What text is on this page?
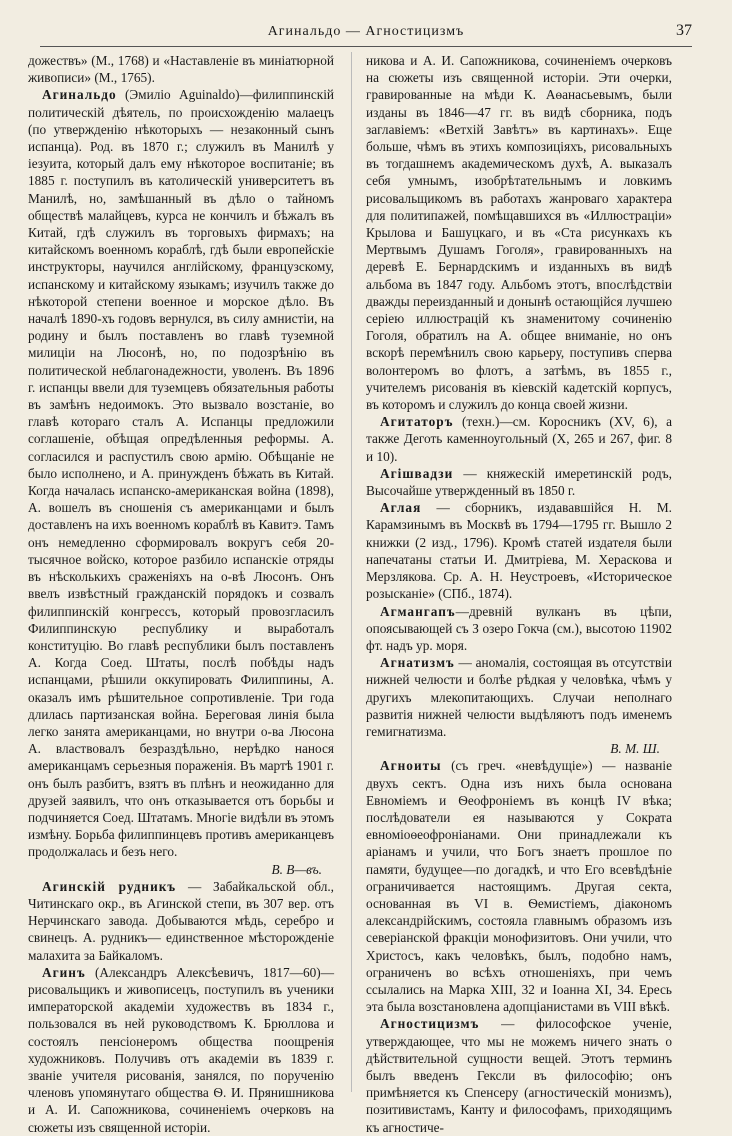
Агинальдо — Агностицизмъ	37

дожествъ» (М., 1768) и «Наставленіе въ миніатюрной живописи» (М., 1765).

Агинальдо (Эмиліо Aguinaldo)—филиппинскій политическій дѣятель, по происхожденію малаецъ (по утвержденію нѣкоторыхъ — незаконный сынъ испанца). Род. въ 1870 г.; служилъ въ Манилѣ у іезуита, который далъ ему нѣкоторое воспитаніе; въ 1885 г. поступилъ въ католическій университетъ въ Манилѣ, но, замѣшанный въ дѣло о тайномъ обществѣ малайцевъ, курса не кончилъ и бѣжалъ въ Китай, гдѣ служилъ въ торговыхъ фирмахъ; на китайскомъ военномъ кораблѣ, гдѣ были европейскіе инструкторы, научился англійскому, французскому, испанскому и китайскому языкамъ; изучилъ также до нѣкоторой степени военное и морское дѣло. Въ началѣ 1890-хъ годовъ вернулся, въ силу амнистіи, на родину и былъ поставленъ во главѣ туземной милиціи на Люсонѣ, но, по подозрѣнію въ политической неблагонадежности, уволенъ. Въ 1896 г. испанцы ввели для туземцевъ обязательныя работы въ замѣнъ недоимокъ. Это вызвало возстаніе, во главѣ котораго сталъ А. Испанцы предложили соглашеніе, обѣщая опредѣленныя реформы. А. согласился и распустилъ свою армію. Обѣщаніе не было исполнено, и А. принужденъ бѣжать въ Китай. Когда началась испанско-американская война (1898), А. вошелъ въ сношенія съ американцами и былъ доставленъ на ихъ военномъ кораблѣ въ Кавитэ. Тамъ онъ немедленно сформировалъ вокругъ себя 20-тысячное войско, которое разбило испанскіе отряды въ нѣсколькихъ сраженіяхъ на о-вѣ Люсонъ. Онъ ввелъ извѣстный гражданскій порядокъ и созвалъ филиппинскій конгрессъ, который провозгласилъ Филиппинскую республику и выработалъ конституцію. Во главѣ республики былъ поставленъ А. Когда Соед. Штаты, послѣ побѣды надъ испанцами, рѣшили оккупировать Филиппины, А. оказалъ имъ рѣшительное сопротивленіе. Три года длилась партизанская война. Береговая линія была легко занята американцами, но внутри о-ва Люсона А. властвовалъ безраздѣльно, нерѣдко нанося американцамъ серьезныя пораженія. Въ мартѣ 1901 г. онъ былъ разбитъ, взятъ въ плѣнъ и неожиданно для друзей заявилъ, что онъ отказывается отъ борьбы и подчиняется Соед. Штатамъ. Многіе видѣли въ этомъ измѣну. Борьба филиппинцевъ противъ американцевъ продолжалась и безъ него.

В. В—въ.

Агинскій рудникъ — Забайкальской обл., Читинскаго окр., въ Агинской степи, въ 307 вер. отъ Нерчинскаго завода. Добываются мѣдь, серебро и свинецъ. А. рудникъ— единственное мѣсторожденіе малахита за Байкаломъ.

Агинъ (Александръ Алексѣевичъ, 1817—60)—рисовальщикъ и живописецъ, поступилъ въ ученики императорской академіи художествъ въ 1834 г., пользовался въ ней руководствомъ К. Брюллова и состоялъ пенсіонеромъ общества поощренія художниковъ. Получивъ отъ академіи въ 1839 г. званіе учителя рисованія, занялся, по порученію членовъ упомянутаго общества Ѳ. И. Прянишникова и А. И. Сапожникова, сочиненіемъ очерковъ на сюжеты изъ священной исторіи.

никова и А. И. Сапожникова, сочиненіемъ очерковъ на сюжеты изъ священной исторіи. Эти очерки, гравированные на мѣди К. Аѳанасьевымъ, были изданы въ 1846—47 гг. въ видѣ сборника, подъ заглавіемъ: «Ветхій Завѣтъ» въ картинахъ». Еще больше, чѣмъ въ этихъ композиціяхъ, рисовальныхъ въ тогдашнемъ академическомъ духѣ, А. выказалъ себя умнымъ, изобрѣтательнымъ и ловкимъ рисовальщикомъ въ работахъ жанроваго характера для политипажей, помѣщавшихся въ «Иллюстраціи» Крылова и Башуцкаго, и въ «Ста рисункахъ къ Мертвымъ Душамъ Гоголя», гравированныхъ на деревѣ Е. Бернардскимъ и изданныхъ въ видѣ альбома въ 1847 году. Альбомъ этотъ, впослѣдствіи дважды переизданный и донынѣ остающійся лучшею серіею иллюстрацій къ знаменитому сочиненію Гоголя, обратилъ на А. общее вниманіе, но онъ вскорѣ перемѣнилъ свою карьеру, поступивъ сперва волонтеромъ во флотъ, а затѣмъ, въ 1855 г., учителемъ рисованія въ кіевскій кадетскій корпусъ, въ которомъ и служилъ до конца своей жизни.

Агитаторъ (техн.)—см. Коросникъ (XV, 6), а также Деготь каменноугольный (X, 265 и 267, фиг. 8 и 10).

Агішвадзи — княжескій имеретинскій родъ, Высочайше утвержденный въ 1850 г.

Аглая — сборникъ, издававшійся Н. М. Карамзинымъ въ Москвѣ въ 1794—1795 гг. Вышло 2 книжки (2 изд., 1796). Кромѣ статей издателя были напечатаны статьи И. Дмитріева, М. Хераскова и Мерзлякова. Ср. А. Н. Неустроевъ, «Историческое розысканіе» (СПб., 1874).

Агмангапъ—древній вулканъ въ цѣпи, опоясывающей съ З озеро Гокча (см.), высотою 11902 фт. надъ ур. моря.

Агнатизмъ — аномалія, состоящая въ отсутствіи нижней челюсти и болѣе рѣдкая у человѣка, чѣмъ у другихъ млекопитающихъ. Случаи неполнаго развитія нижней челюсти выдѣляютъ подъ именемъ гемигнатизма.

В. М. Ш.

Агноиты (съ греч. «невѣдущіе») — названіе двухъ сектъ. Одна изъ нихъ была основана Евноміемъ и Ѳеофроніемъ въ концѣ IV вѣка; послѣдователи ея называются у Сократа евноміоѳеофроніанами. Они принадлежали къ аріанамъ и учили, что Богъ знаетъ прошлое по памяти, будущее—по догадкѣ, и что Его всевѣдѣніе ограничивается настоящимъ. Другая секта, основанная въ VI в. Ѳемистіемъ, діакономъ александрійскимъ, состояла главнымъ образомъ изъ северіанской фракціи монофизитовъ. Они учили, что Христосъ, какъ человѣкъ, былъ, подобно намъ, ограниченъ во всѣхъ отношеніяхъ, при чемъ ссылались на Марка XIII, 32 и Іоанна XI, 34. Ересь эта была возстановлена адопціанистами въ VIII вѣкѣ.

Агностицизмъ — философское ученіе, утверждающее, что мы не можемъ ничего знать о дѣйствительной сущности вещей. Этотъ терминъ былъ введенъ Гексли въ философію; онъ примѣняется къ Спенсеру (агностическій монизмъ), позитивистамъ, Канту и философамъ, приходящимъ къ агностиче-
